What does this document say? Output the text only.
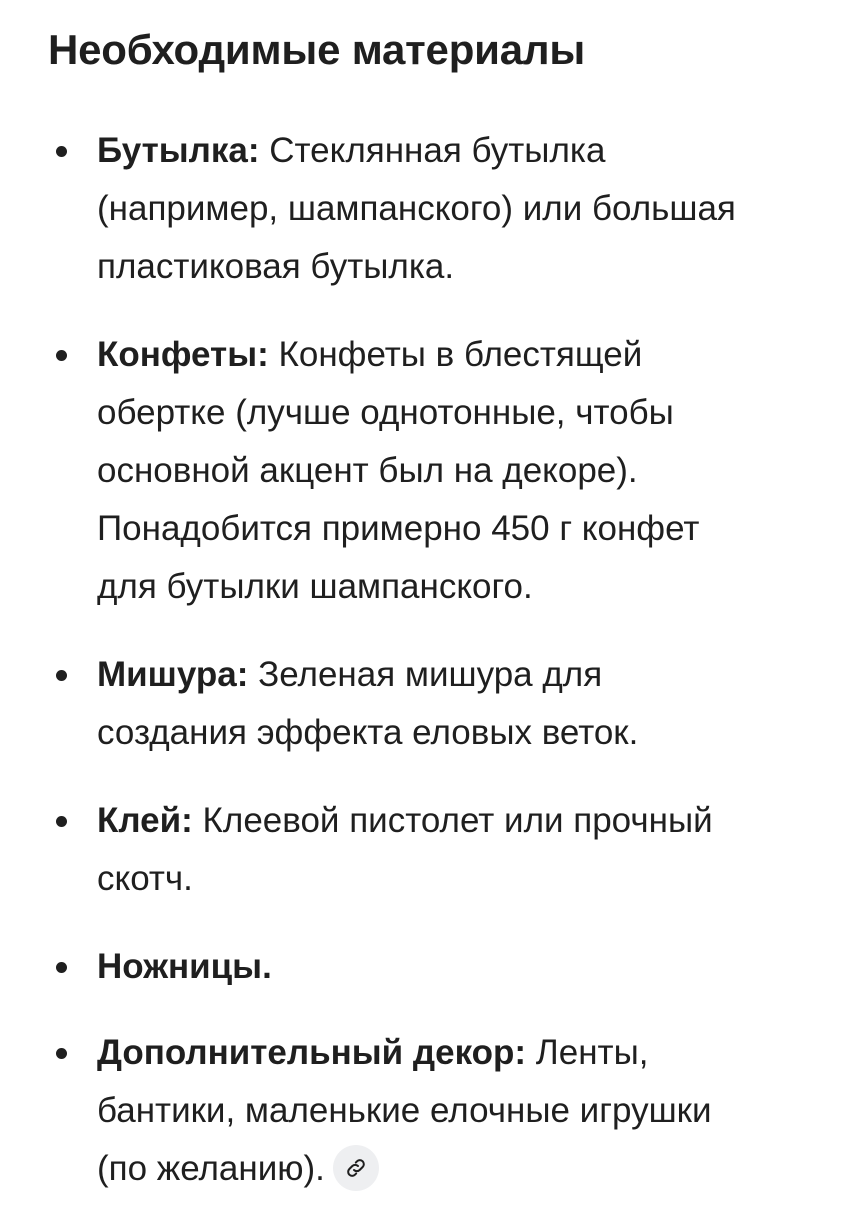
Необходимые материалы
Бутылка: Стеклянная бутылка
(например, шампанского) или большая
пластиковая бутылка.
Конфеты: Конфеты в блестящей
обертке (лучше однотонные, чтобы
основной акцент был на декоре).
Понадобится примерно 450 г конфет
для бутылки шампанского.
Мишура: Зеленая мишура для
создания эффекта еловых веток.
Клей: Клеевой пистолет или прочный
скотч.
Ножницы.
Дополнительный декор: Ленты,
бантики, маленькие елочные игрушки
(по желанию).
